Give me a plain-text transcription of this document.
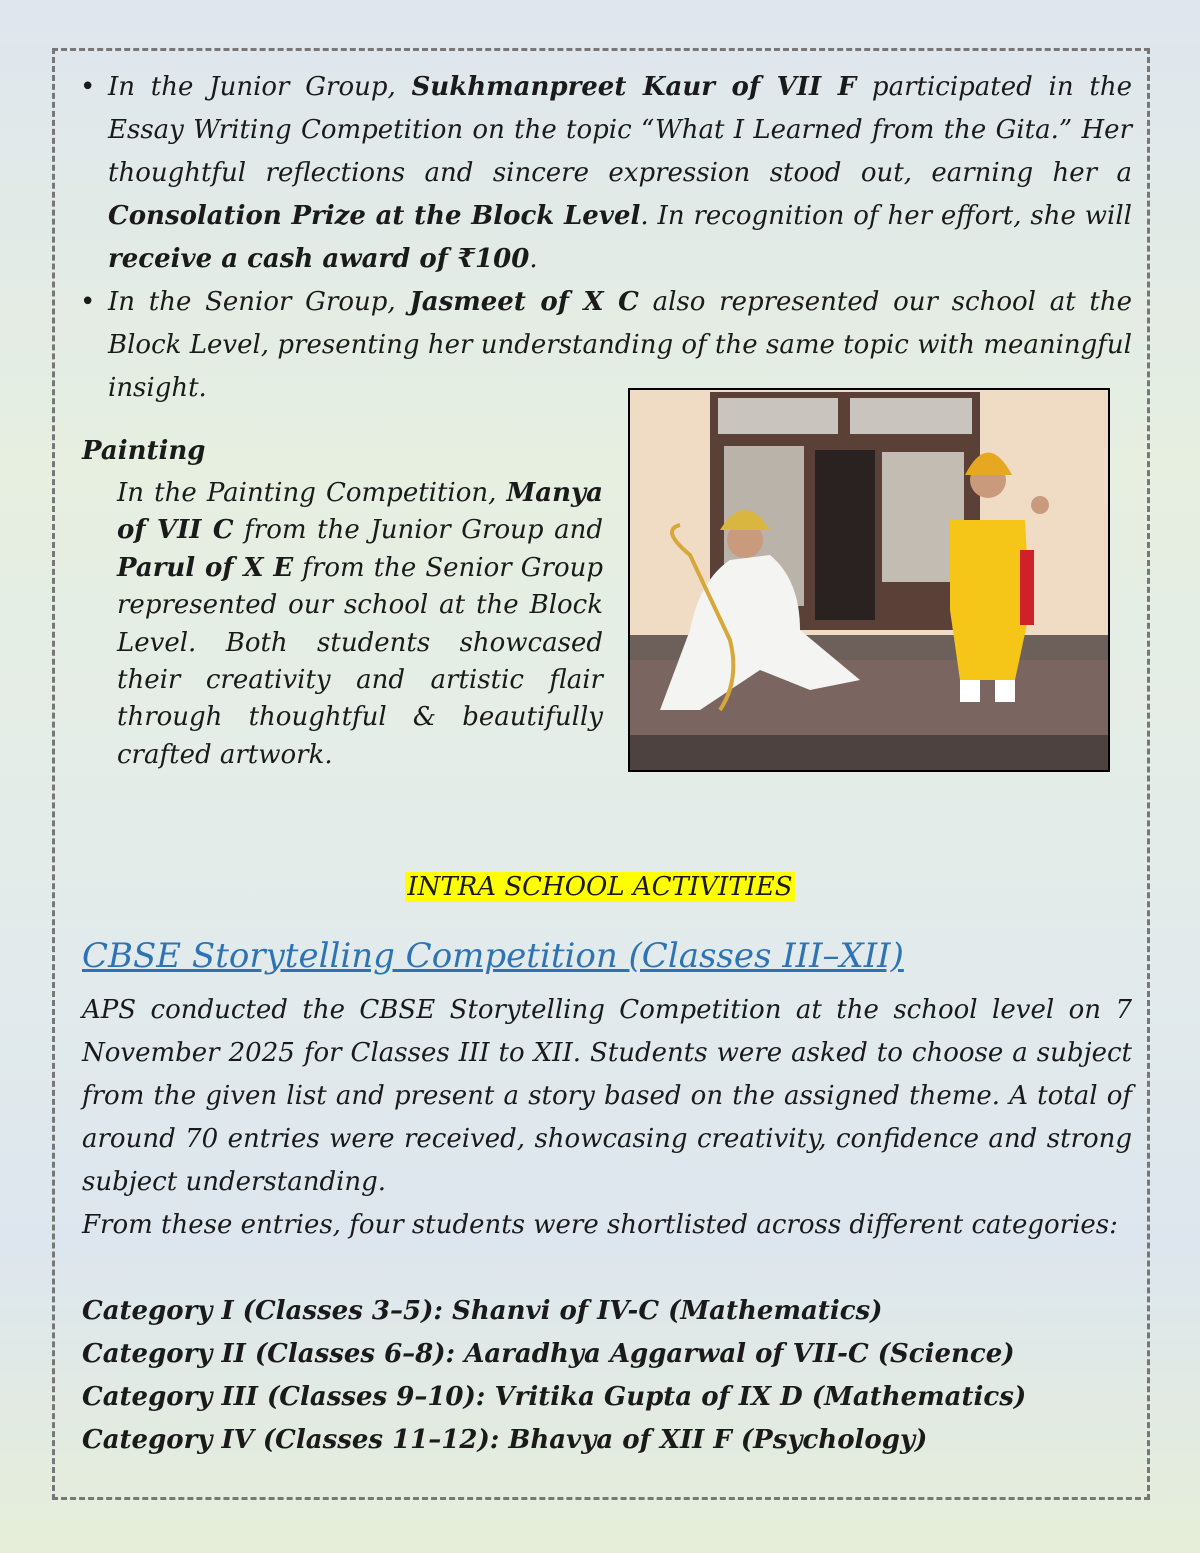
• In the Junior Group, Sukhmanpreet Kaur of VII F participated in the Essay Writing Competition on the topic “What I Learned from the Gita.” Her thoughtful reflections and sincere expression stood out, earning her a Consolation Prize at the Block Level. In recognition of her effort, she will receive a cash award of ₹100.
• In the Senior Group, Jasmeet of X C also represented our school at the Block Level, presenting her understanding of the same topic with meaningful insight.
Painting
In the Painting Competition, Manya of VII C from the Junior Group and Parul of X E from the Senior Group represented our school at the Block Level. Both students showcased their creativity and artistic flair through thoughtful & beautifully crafted artwork.
INTRA SCHOOL ACTIVITIES
CBSE Storytelling Competition (Classes III–XII)

APS conducted the CBSE Storytelling Competition at the school level on 7 November 2025 for Classes III to XII. Students were asked to choose a subject from the given list and present a story based on the assigned theme. A total of around 70 entries were received, showcasing creativity, confidence and strong subject understanding.

From these entries, four students were shortlisted across different categories:

Category I (Classes 3–5): Shanvi of IV-C (Mathematics)
Category II (Classes 6–8): Aaradhya Aggarwal of VII-C (Science)
Category III (Classes 9–10): Vritika Gupta of IX D (Mathematics)
Category IV (Classes 11–12): Bhavya of XII F (Psychology)
